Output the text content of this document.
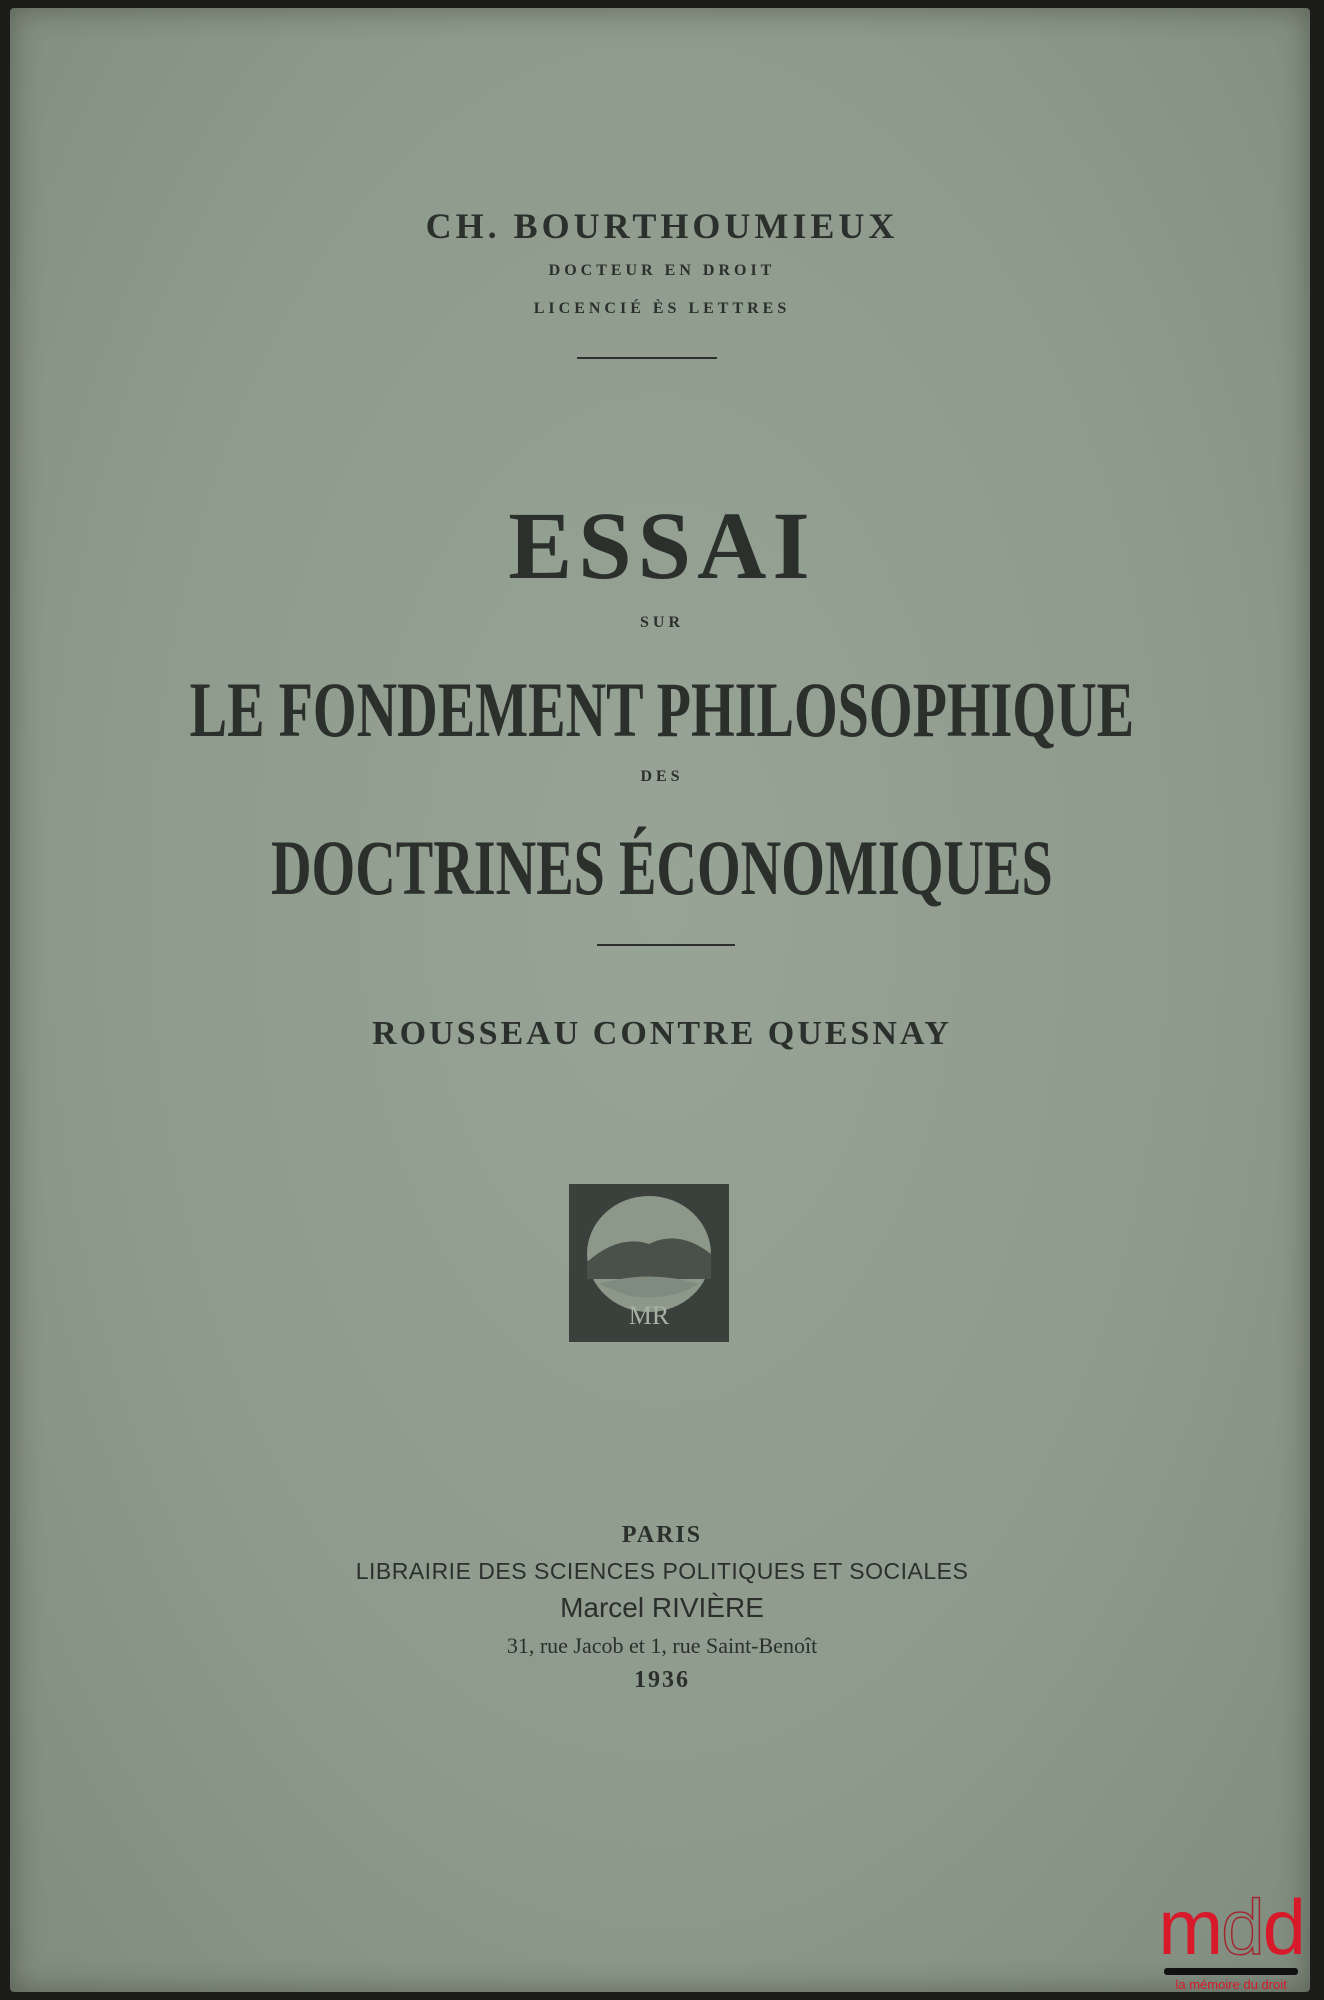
CH. BOURTHOUMIEUX
DOCTEUR EN DROIT
LICENCIÉ ÈS LETTRES
ESSAI
SUR
LE FONDEMENT PHILOSOPHIQUE
DES
DOCTRINES ÉCONOMIQUES
ROUSSEAU CONTRE QUESNAY
MR
PARIS
LIBRAIRIE DES SCIENCES POLITIQUES ET SOCIALES
Marcel RIVIÈRE
31, rue Jacob et 1, rue Saint-Benoît
1936
mdd
la mémoire du droit
